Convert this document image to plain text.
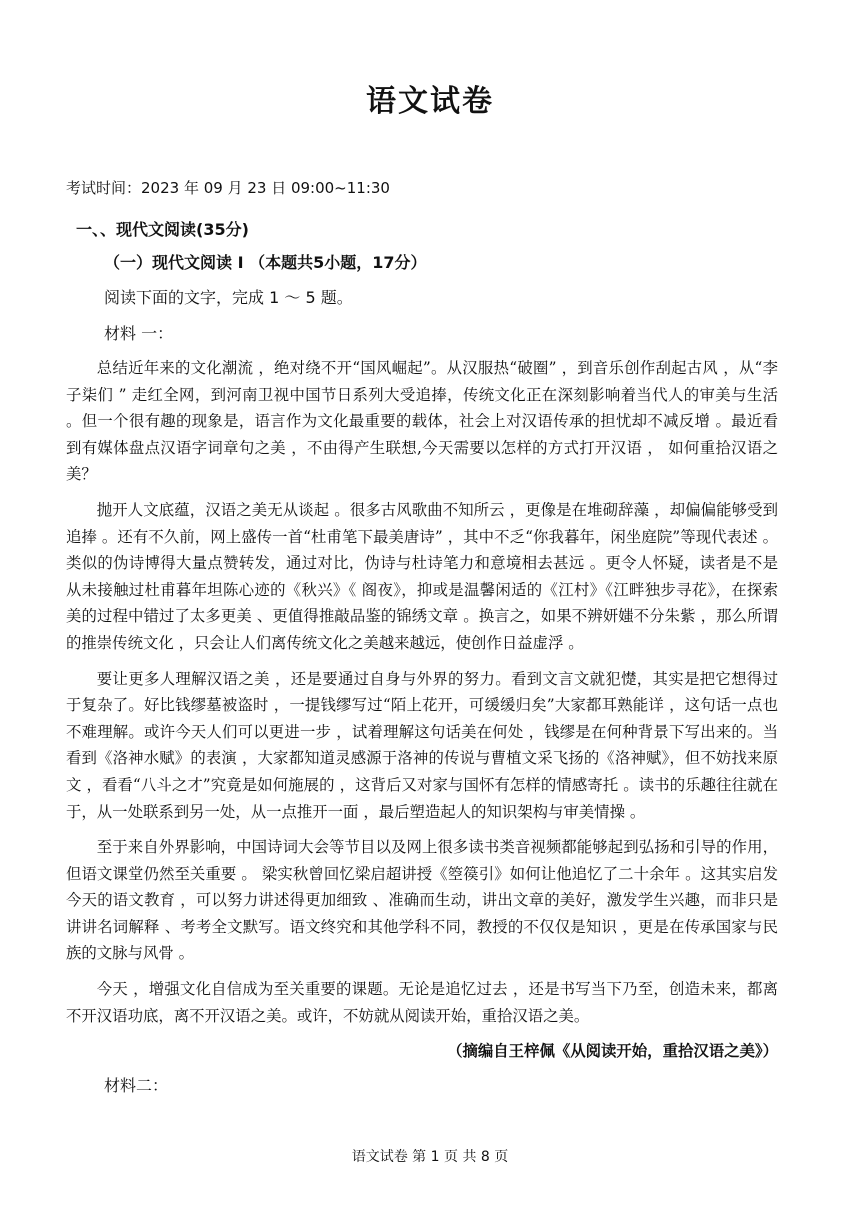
语文试卷
考试时间：2023 年 09 月 23 日 09:00~11:30
一、、现代文阅读(35分)
（一）现代文阅读 I （本题共5小题，17分）
阅读下面的文字，完成 1 ～ 5 题。
材料 一：

总结近年来的文化潮流 ，绝对绕不开“国风崛起”。从汉服热“破圈” ，到音乐创作刮起古风 ，从“李子柒们 ” 走红全网，到河南卫视中国节日系列大受追捧，传统文化正在深刻影响着当代人的审美与生活 。但一个很有趣的现象是，语言作为文化最重要的载体，社会上对汉语传承的担忧却不减反增 。最近看到有媒体盘点汉语字词章句之美 ，不由得产生联想,今天需要以怎样的方式打开汉语 ， 如何重拾汉语之美？

抛开人文底蕴，汉语之美无从谈起 。很多古风歌曲不知所云 ，更像是在堆砌辞藻 ，却偏偏能够受到追捧 。还有不久前，网上盛传一首“杜甫笔下最美唐诗” ，其中不乏“你我暮年，闲坐庭院”等现代表述 。 类似的伪诗博得大量点赞转发，通过对比，伪诗与杜诗笔力和意境相去甚远 。更令人怀疑，读者是不是从未接触过杜甫暮年坦陈心迹的《秋兴》《 阁夜》，抑或是温馨闲适的《江村》《江畔独步寻花》，在探索美的过程中错过了太多更美 、更值得推敲品鉴的锦绣文章 。换言之，如果不辨妍媸不分朱紫 ，那么所谓的推崇传统文化 ，只会让人们离传统文化之美越来越远，使创作日益虚浮 。

要让更多人理解汉语之美 ，还是要通过自身与外界的努力。看到文言文就犯憷，其实是把它想得过于复杂了。好比钱缪墓被盗时 ，一提钱缪写过“陌上花开，可缓缓归矣”大家都耳熟能详 ，这句话一点也不难理解。或许今天人们可以更进一步 ，试着理解这句话美在何处 ，钱缪是在何种背景下写出来的。当看到《洛神水赋》的表演 ，大家都知道灵感源于洛神的传说与曹植文采飞扬的《洛神赋》，但不妨找来原文 ，看看“八斗之才”究竟是如何施展的 ，这背后又对家与国怀有怎样的情感寄托 。读书的乐趣往往就在于，从一处联系到另一处，从一点推开一面 ，最后塑造起人的知识架构与审美情操 。

至于来自外界影响，中国诗词大会等节目以及网上很多读书类音视频都能够起到弘扬和引导的作用，但语文课堂仍然至关重要 。 梁实秋曾回忆梁启超讲授《箜篌引》如何让他追忆了二十余年 。这其实启发今天的语文教育 ，可以努力讲述得更加细致 、准确而生动，讲出文章的美好，激发学生兴趣，而非只是讲讲名词解释 、考考全文默写。语文终究和其他学科不同，教授的不仅仅是知识 ，更是在传承国家与民族的文脉与风骨 。

今天 ，增强文化自信成为至关重要的课题。无论是追忆过去 ，还是书写当下乃至，创造未来，都离不开汉语功底，离不开汉语之美。或许，不妨就从阅读开始，重拾汉语之美。

（摘编自王梓佩《从阅读开始，重拾汉语之美》）

材料二：
语文试卷 第 1 页 共 8 页
